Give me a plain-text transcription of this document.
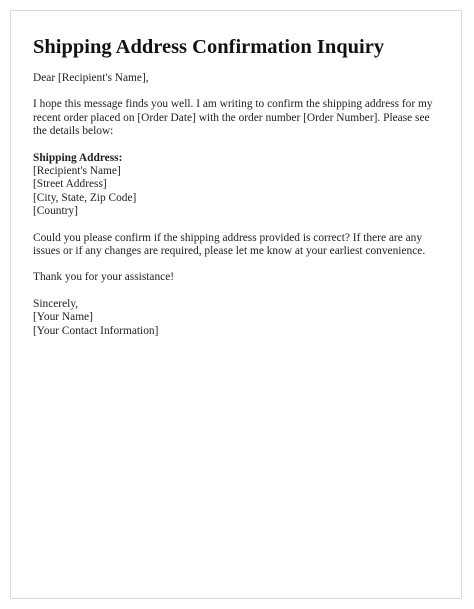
Shipping Address Confirmation Inquiry

Dear [Recipient's Name],

I hope this message finds you well. I am writing to confirm the shipping address for my recent order placed on [Order Date] with the order number [Order Number]. Please see the details below:

Shipping Address:
[Recipient's Name]
[Street Address]
[City, State, Zip Code]
[Country]

Could you please confirm if the shipping address provided is correct? If there are any issues or if any changes are required, please let me know at your earliest convenience.

Thank you for your assistance!

Sincerely,
[Your Name]
[Your Contact Information]
